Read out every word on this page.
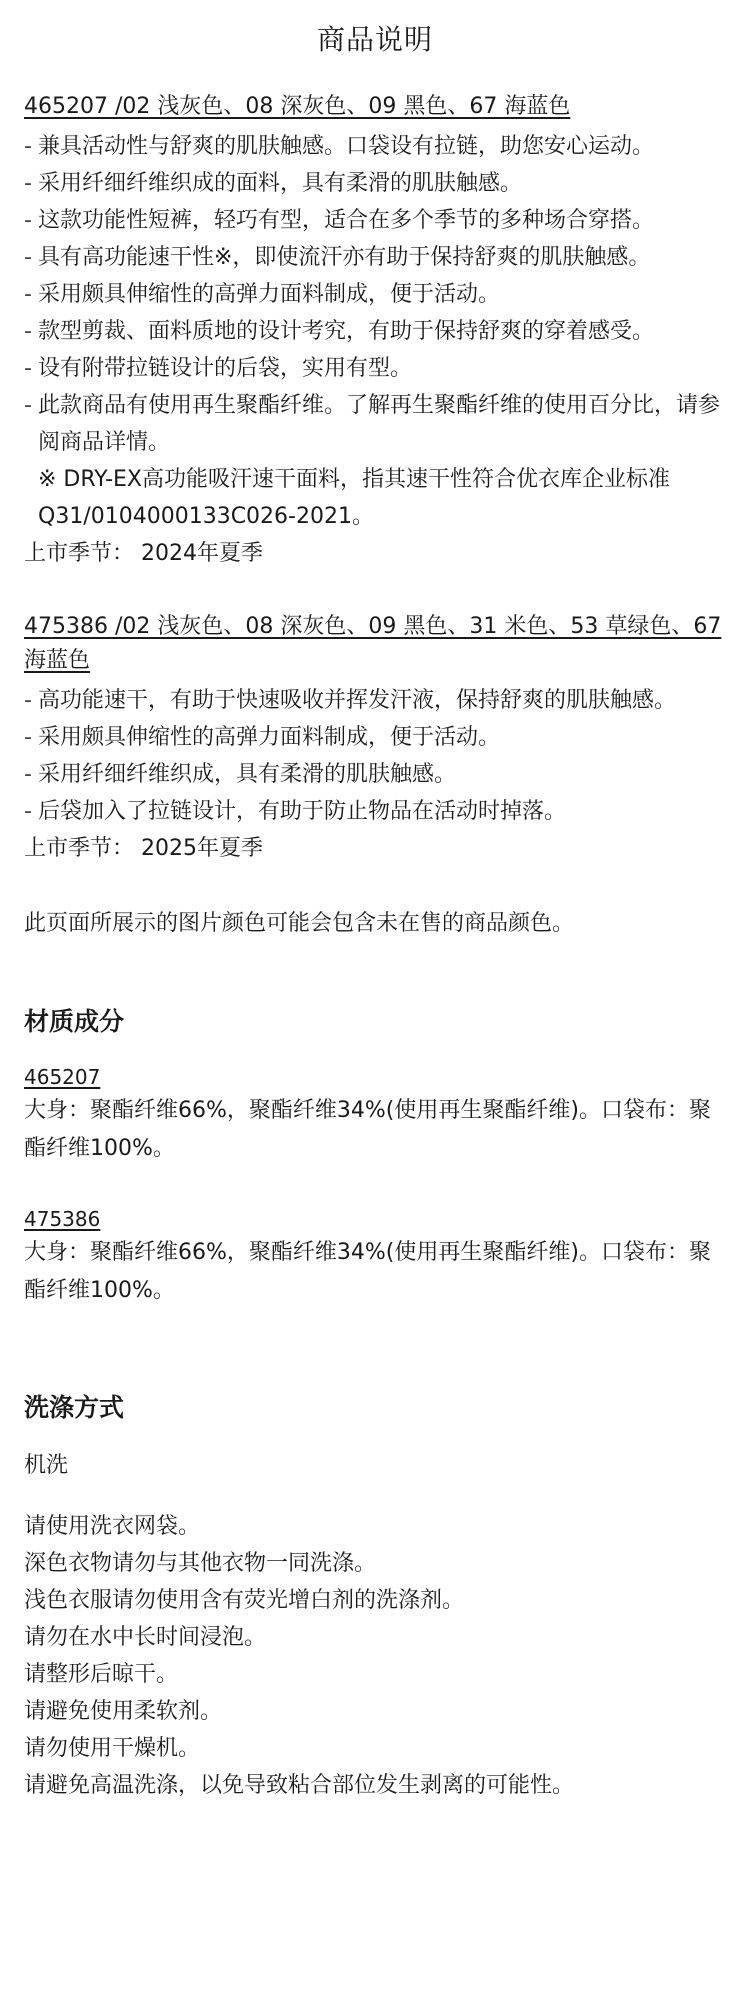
商品说明
465207 /02 浅灰色、08 深灰色、09 黑色、67 海蓝色
- 兼具活动性与舒爽的肌肤触感。口袋设有拉链，助您安心运动。
- 采用纤细纤维织成的面料，具有柔滑的肌肤触感。
- 这款功能性短裤，轻巧有型，适合在多个季节的多种场合穿搭。
- 具有高功能速干性※，即使流汗亦有助于保持舒爽的肌肤触感。
- 采用颇具伸缩性的高弹力面料制成，便于活动。
- 款型剪裁、面料质地的设计考究，有助于保持舒爽的穿着感受。
- 设有附带拉链设计的后袋，实用有型。
- 此款商品有使用再生聚酯纤维。了解再生聚酯纤维的使用百分比，请参阅商品详情。
※ DRY-EX高功能吸汗速干面料，指其速干性符合优衣库企业标准Q31/0104000133C026-2021。
上市季节： 2024年夏季
475386 /02 浅灰色、08 深灰色、09 黑色、31 米色、53 草绿色、67 海蓝色
- 高功能速干，有助于快速吸收并挥发汗液，保持舒爽的肌肤触感。
- 采用颇具伸缩性的高弹力面料制成，便于活动。
- 采用纤细纤维织成，具有柔滑的肌肤触感。
- 后袋加入了拉链设计，有助于防止物品在活动时掉落。
上市季节： 2025年夏季
此页面所展示的图片颜色可能会包含未在售的商品颜色。
材质成分
465207
大身：聚酯纤维66%，聚酯纤维34%(使用再生聚酯纤维)。口袋布：聚酯纤维100%。
475386
大身：聚酯纤维66%，聚酯纤维34%(使用再生聚酯纤维)。口袋布：聚酯纤维100%。
洗涤方式
机洗
请使用洗衣网袋。
深色衣物请勿与其他衣物一同洗涤。
浅色衣服请勿使用含有荧光增白剂的洗涤剂。
请勿在水中长时间浸泡。
请整形后晾干。
请避免使用柔软剂。
请勿使用干燥机。
请避免高温洗涤，以免导致粘合部位发生剥离的可能性。
